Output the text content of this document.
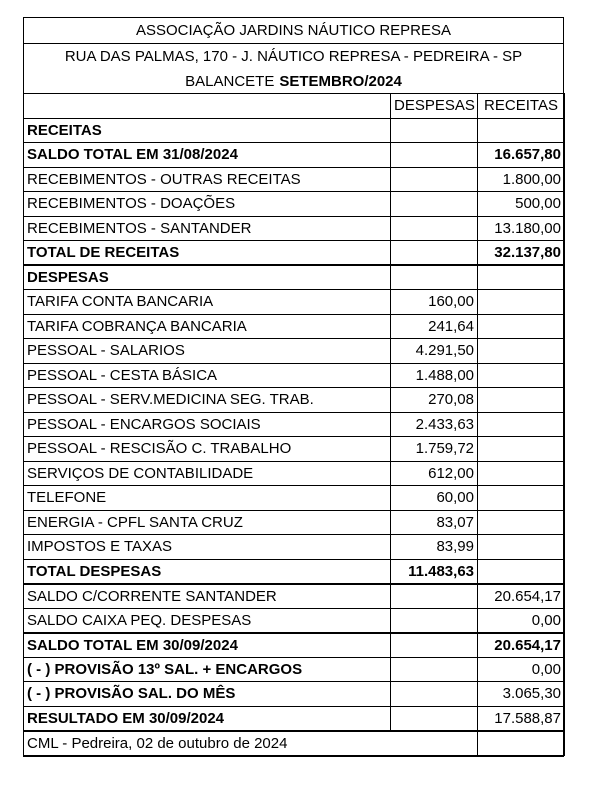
ASSOCIAÇÃO JARDINS NÁUTICO REPRESA
RUA DAS PALMAS, 170 - J. NÁUTICO REPRESA - PEDREIRA - SP
BALANCETE SETEMBRO/2024
	DESPESAS	RECEITAS
RECEITAS		
SALDO TOTAL EM 31/08/2024		16.657,80
RECEBIMENTOS - OUTRAS RECEITAS		1.800,00
RECEBIMENTOS - DOAÇÕES		500,00
RECEBIMENTOS - SANTANDER		13.180,00
TOTAL DE RECEITAS		32.137,80
DESPESAS		
TARIFA CONTA BANCARIA	160,00	
TARIFA COBRANÇA BANCARIA	241,64	
PESSOAL - SALARIOS	4.291,50	
PESSOAL - CESTA BÁSICA	1.488,00	
PESSOAL - SERV.MEDICINA SEG. TRAB.	270,08	
PESSOAL - ENCARGOS SOCIAIS	2.433,63	
PESSOAL - RESCISÃO C. TRABALHO	1.759,72	
SERVIÇOS DE CONTABILIDADE	612,00	
TELEFONE	60,00	
ENERGIA - CPFL SANTA CRUZ	83,07	
IMPOSTOS E TAXAS	83,99	
TOTAL DESPESAS	11.483,63	
SALDO C/CORRENTE SANTANDER		20.654,17
SALDO CAIXA PEQ. DESPESAS		0,00
SALDO TOTAL EM 30/09/2024		20.654,17
( - ) PROVISÃO 13º SAL. + ENCARGOS		0,00
( - ) PROVISÃO SAL. DO MÊS		3.065,30
RESULTADO EM 30/09/2024		17.588,87
CML - Pedreira, 02 de outubro de 2024		
